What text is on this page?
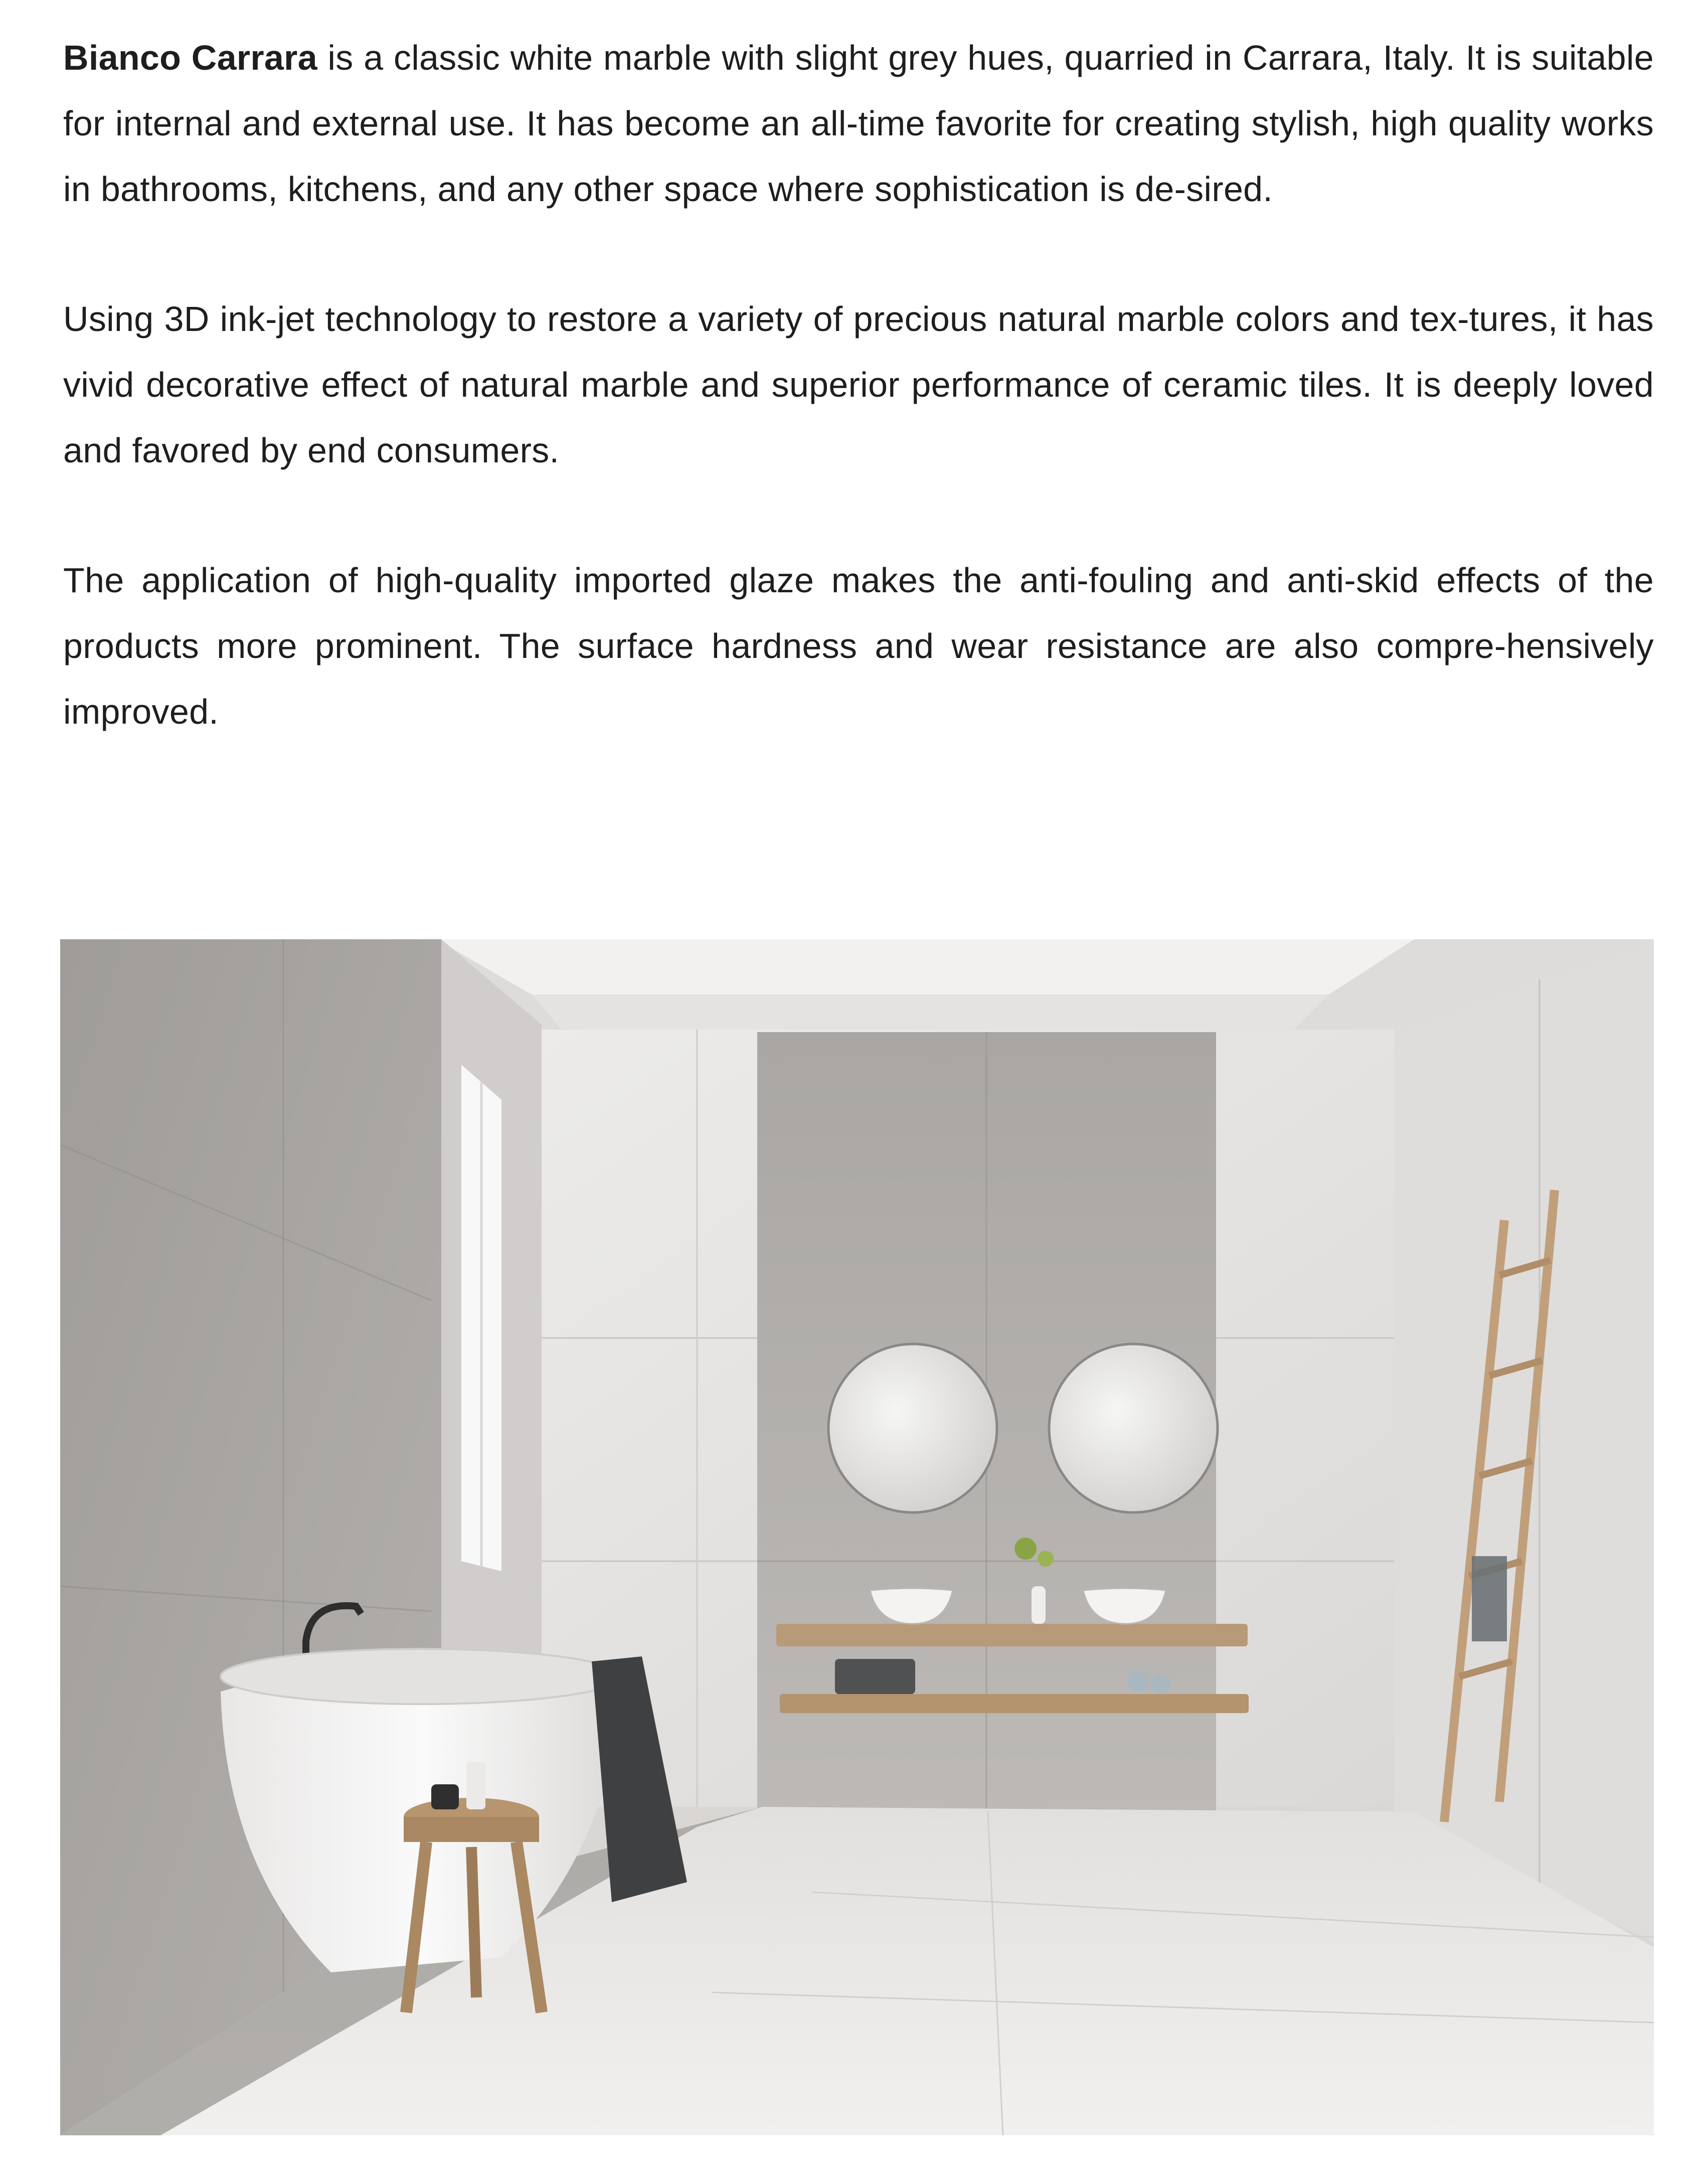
Bianco Carrara is a classic white marble with slight grey hues, quarried in Carrara, Italy. It is suitable for internal and external use. It has become an all-time favorite for creating stylish, high quality works in bathrooms, kitchens, and any other space where sophistication is de-sired.

Using 3D ink-jet technology to restore a variety of precious natural marble colors and tex-tures, it has vivid decorative effect of natural marble and superior performance of ceramic tiles. It is deeply loved and favored by end consumers.

The application of high-quality imported glaze makes the anti-fouling and anti-skid effects of the products more prominent. The surface hardness and wear resistance are also compre-hensively improved.
